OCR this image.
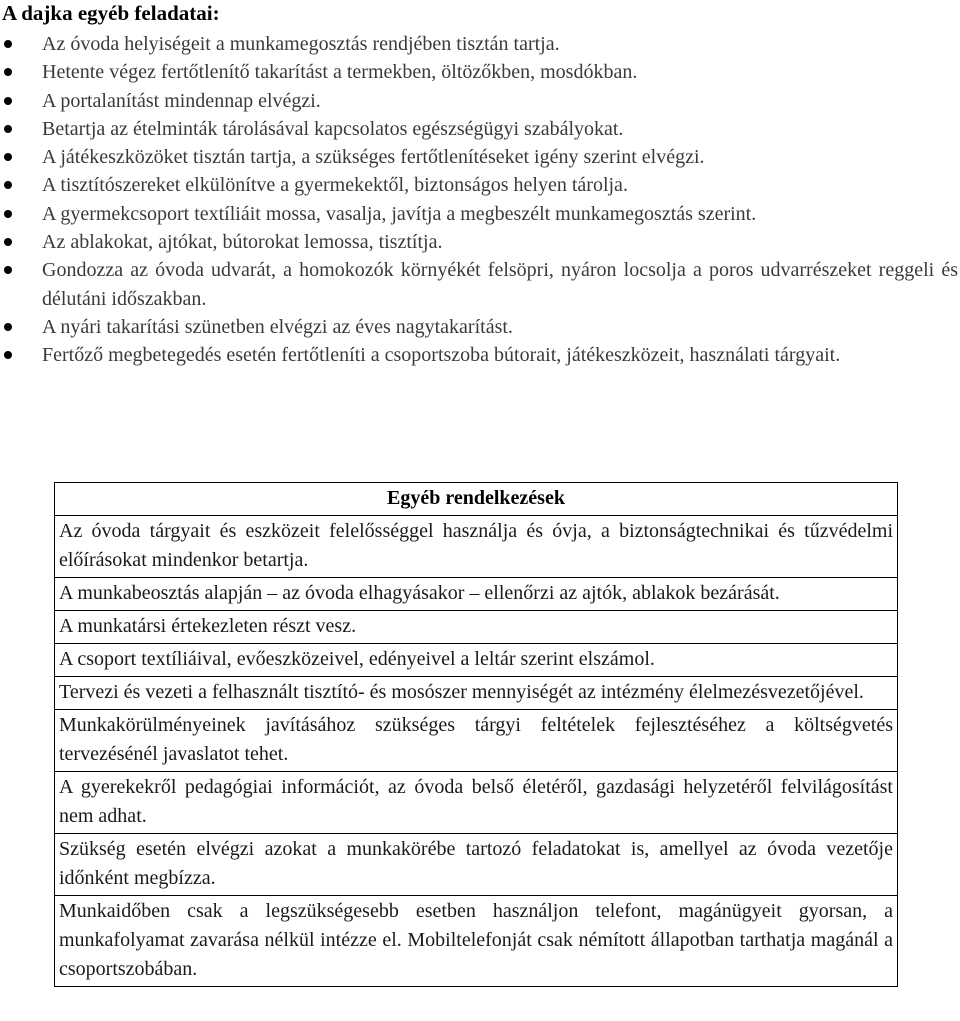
A dajka egyéb feladatai:
Az óvoda helyiségeit a munkamegosztás rendjében tisztán tartja.
Hetente végez fertőtlenítő takarítást a termekben, öltözőkben, mosdókban.
A portalanítást mindennap elvégzi.
Betartja az ételminták tárolásával kapcsolatos egészségügyi szabályokat.
A játékeszközöket tisztán tartja, a szükséges fertőtlenítéseket igény szerint elvégzi.
A tisztítószereket elkülönítve a gyermekektől, biztonságos helyen tárolja.
A gyermekcsoport textíliáit mossa, vasalja, javítja a megbeszélt munkamegosztás szerint.
Az ablakokat, ajtókat, bútorokat lemossa, tisztítja.
Gondozza az óvoda udvarát, a homokozók környékét felsöpri, nyáron locsolja a poros udvarrészeket reggeli és délutáni időszakban.
A nyári takarítási szünetben elvégzi az éves nagytakarítást.
Fertőző megbetegedés esetén fertőtleníti a csoportszoba bútorait, játékeszközeit, használati tárgyait.
Egyéb rendelkezések
Az óvoda tárgyait és eszközeit felelősséggel használja és óvja, a biztonságtechnikai és tűzvédelmi előírásokat mindenkor betartja.
A munkabeosztás alapján – az óvoda elhagyásakor – ellenőrzi az ajtók, ablakok bezárását.
A munkatársi értekezleten részt vesz.
A csoport textíliáival, evőeszközeivel, edényeivel a leltár szerint elszámol.
Tervezi és vezeti a felhasznált tisztító- és mosószer mennyiségét az intézmény élelmezésvezetőjével.
Munkakörülményeinek javításához szükséges tárgyi feltételek fejlesztéséhez a költségvetés tervezésénél javaslatot tehet.
A gyerekekről pedagógiai információt, az óvoda belső életéről, gazdasági helyzetéről felvilágosítást nem adhat.
Szükség esetén elvégzi azokat a munkakörébe tartozó feladatokat is, amellyel az óvoda vezetője időnként megbízza.
Munkaidőben csak a legszükségesebb esetben használjon telefont, magánügyeit gyorsan, a munkafolyamat zavarása nélkül intézze el. Mobiltelefonját csak némított állapotban tarthatja magánál a csoportszobában.
